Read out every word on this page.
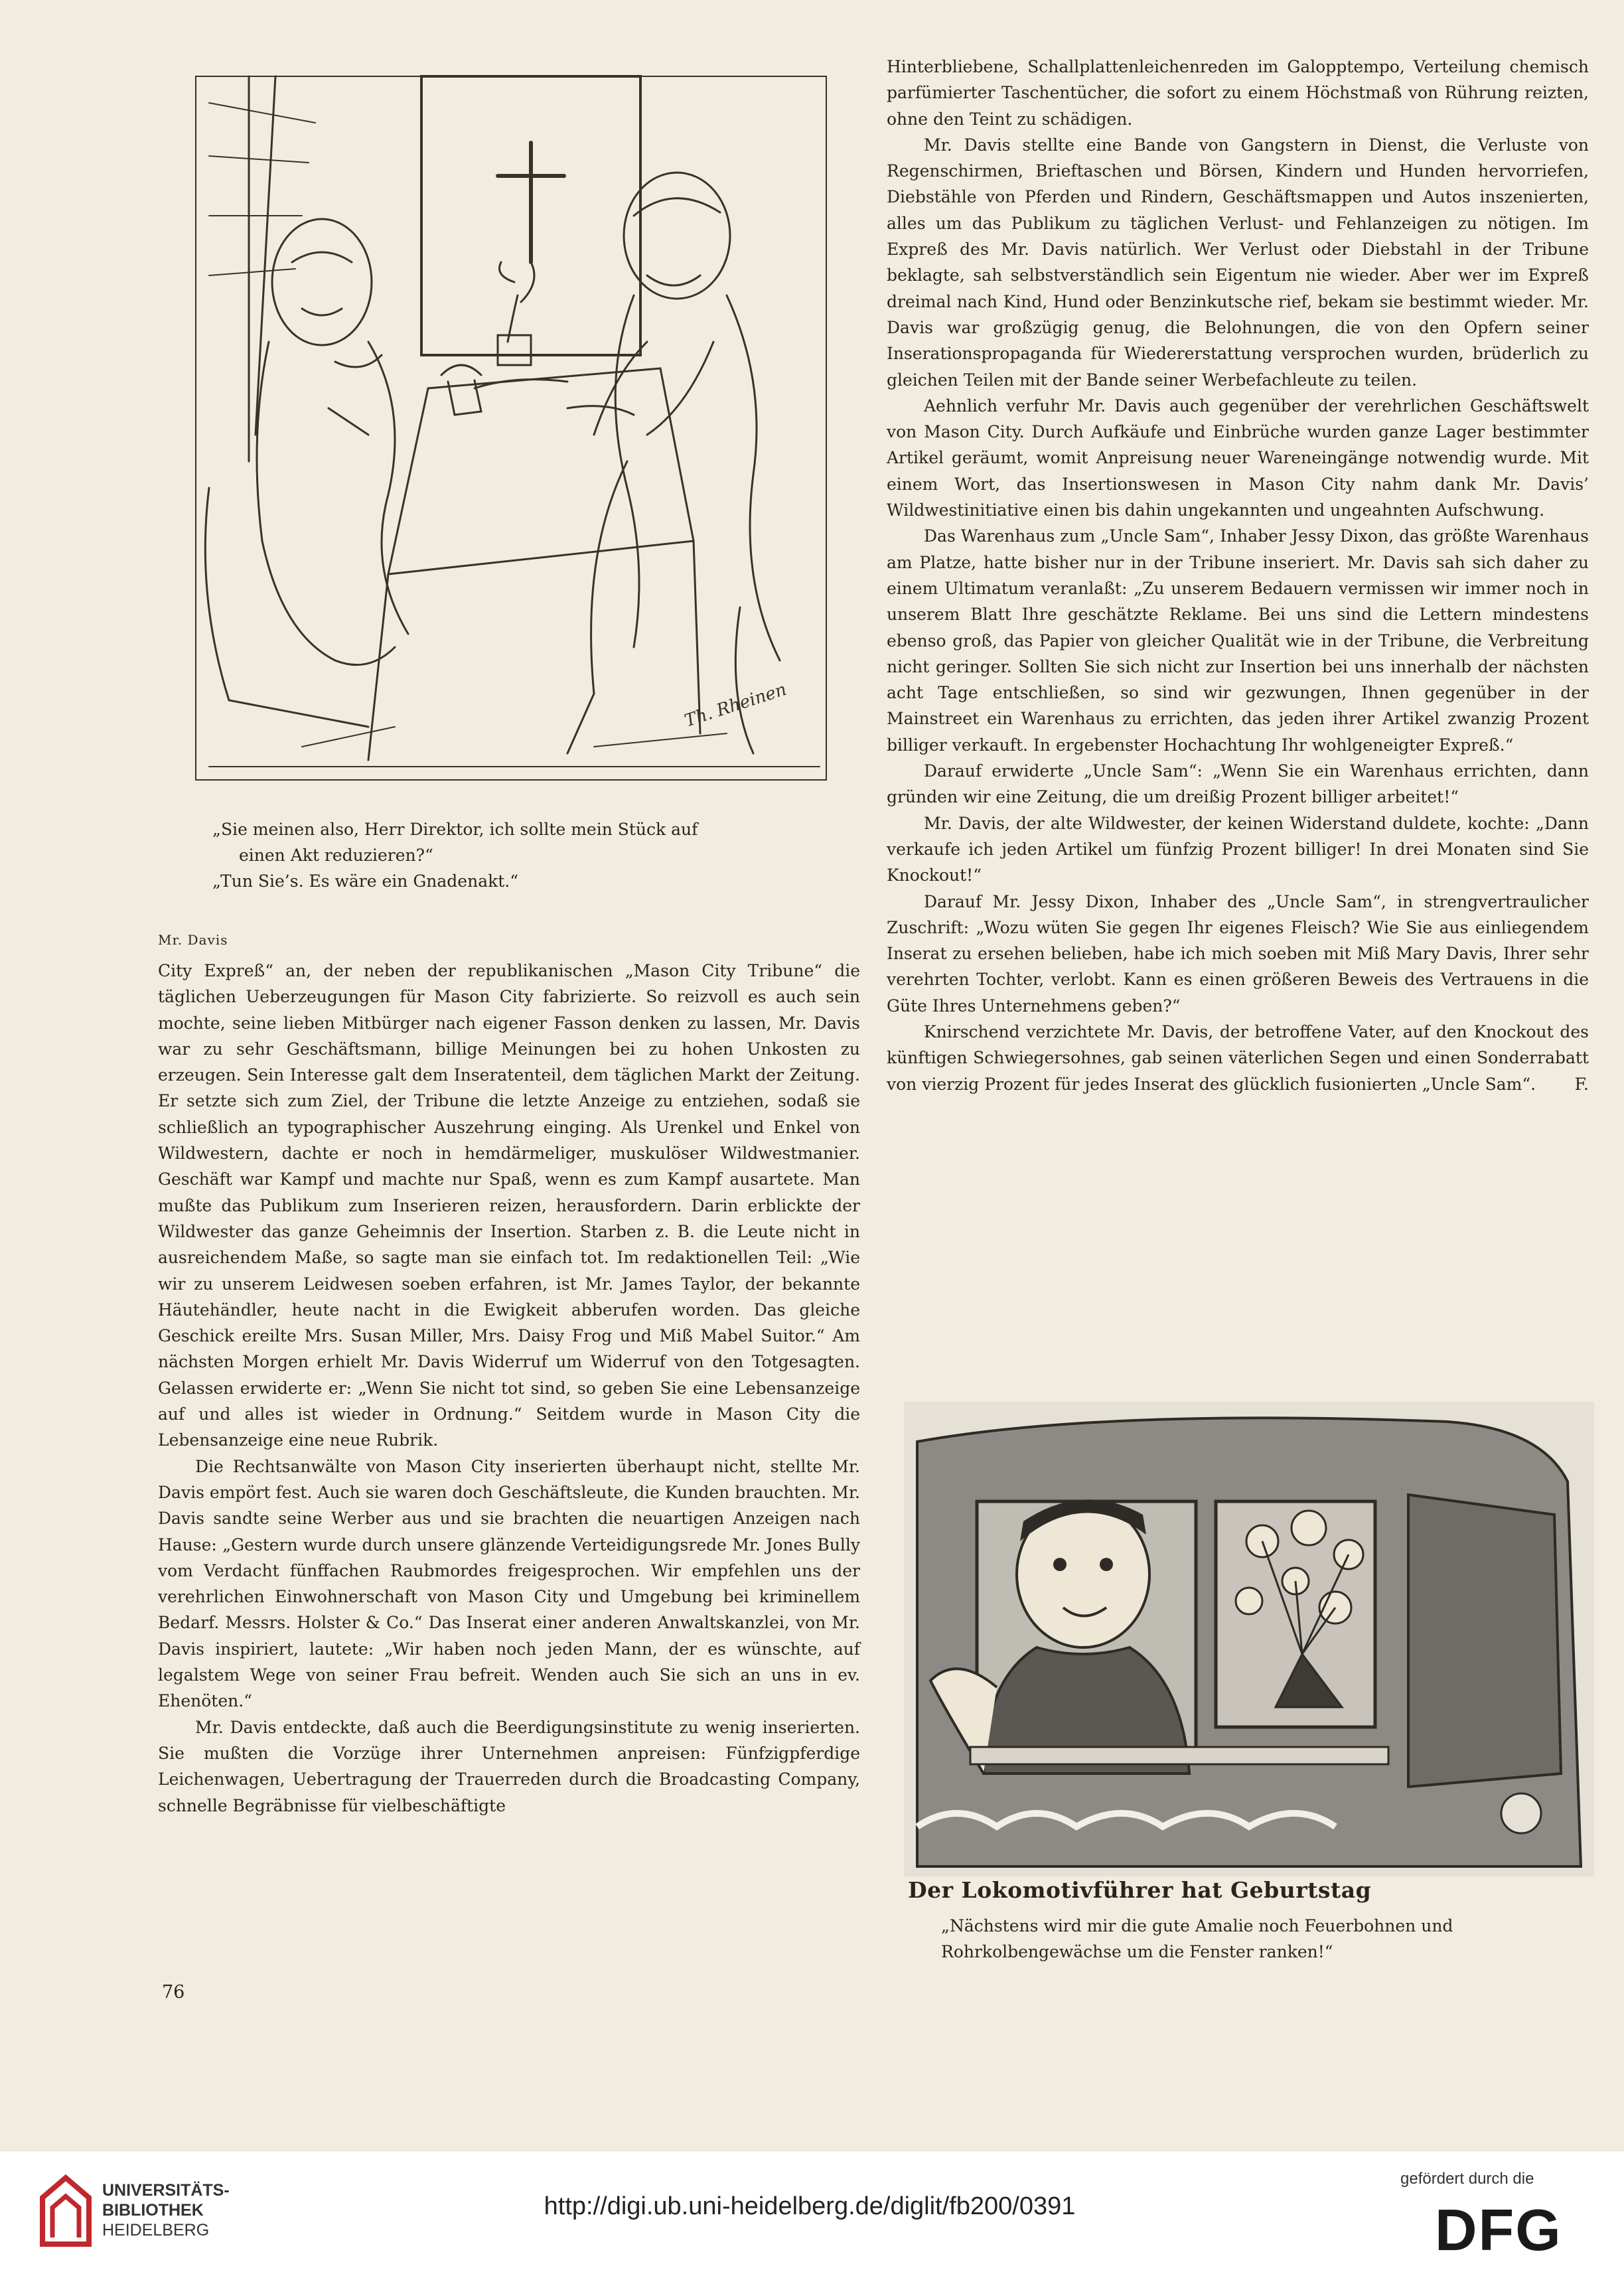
Th. Rheinen
„Sie meinen also, Herr Direktor, ich sollte mein Stück auf
einen Akt reduzieren?“
„Tun Sie’s. Es wäre ein Gnadenakt.“
Mr. Davis

City Expreß“ an, der neben der republikanischen „Mason City Tribune“ die täglichen Ueberzeugungen für Mason City fabrizierte. So reizvoll es auch sein mochte, seine lieben Mitbürger nach eigener Fasson denken zu lassen, Mr. Davis war zu sehr Geschäftsmann, billige Meinungen bei zu hohen Unkosten zu erzeugen. Sein Interesse galt dem Inseratenteil, dem täglichen Markt der Zeitung. Er setzte sich zum Ziel, der Tribune die letzte Anzeige zu entziehen, sodaß sie schließlich an typographischer Auszehrung einging. Als Urenkel und Enkel von Wildwestern, dachte er noch in hemdärmeliger, muskulöser Wildwestmanier. Geschäft war Kampf und machte nur Spaß, wenn es zum Kampf ausartete. Man mußte das Publikum zum Inserieren reizen, herausfordern. Darin erblickte der Wildwester das ganze Geheimnis der Insertion. Starben z. B. die Leute nicht in ausreichendem Maße, so sagte man sie einfach tot. Im redaktionellen Teil: „Wie wir zu unserem Leidwesen soeben erfahren, ist Mr. James Taylor, der bekannte Häutehändler, heute nacht in die Ewigkeit abberufen worden. Das gleiche Geschick ereilte Mrs. Susan Miller, Mrs. Daisy Frog und Miß Mabel Suitor.“ Am nächsten Morgen erhielt Mr. Davis Widerruf um Widerruf von den Totgesagten. Gelassen erwiderte er: „Wenn Sie nicht tot sind, so geben Sie eine Lebensanzeige auf und alles ist wieder in Ordnung.“ Seitdem wurde in Mason City die Lebensanzeige eine neue Rubrik.

Die Rechtsanwälte von Mason City inserierten überhaupt nicht, stellte Mr. Davis empört fest. Auch sie waren doch Geschäftsleute, die Kunden brauchten. Mr. Davis sandte seine Werber aus und sie brachten die neuartigen Anzeigen nach Hause: „Gestern wurde durch unsere glänzende Verteidigungsrede Mr. Jones Bully vom Verdacht fünffachen Raubmordes freigesprochen. Wir empfehlen uns der verehrlichen Einwohnerschaft von Mason City und Umgebung bei kriminellem Bedarf. Messrs. Holster & Co.“ Das Inserat einer anderen Anwaltskanzlei, von Mr. Davis inspiriert, lautete: „Wir haben noch jeden Mann, der es wünschte, auf legalstem Wege von seiner Frau befreit. Wenden auch Sie sich an uns in ev. Ehenöten.“

Mr. Davis entdeckte, daß auch die Beerdigungsinstitute zu wenig inserierten. Sie mußten die Vorzüge ihrer Unternehmen anpreisen: Fünfzigpferdige Leichenwagen, Uebertragung der Trauerreden durch die Broadcasting Company, schnelle Begräbnisse für vielbeschäftigte

Hinterbliebene, Schallplattenleichenreden im Galopptempo, Verteilung chemisch parfümierter Taschentücher, die sofort zu einem Höchstmaß von Rührung reizten, ohne den Teint zu schädigen.

Mr. Davis stellte eine Bande von Gangstern in Dienst, die Verluste von Regenschirmen, Brieftaschen und Börsen, Kindern und Hunden hervorriefen, Diebstähle von Pferden und Rindern, Geschäftsmappen und Autos inszenierten, alles um das Publikum zu täglichen Verlust- und Fehlanzeigen zu nötigen. Im Expreß des Mr. Davis natürlich. Wer Verlust oder Diebstahl in der Tribune beklagte, sah selbstverständlich sein Eigentum nie wieder. Aber wer im Expreß dreimal nach Kind, Hund oder Benzinkutsche rief, bekam sie bestimmt wieder. Mr. Davis war großzügig genug, die Belohnungen, die von den Opfern seiner Inserationspropaganda für Wiedererstattung versprochen wurden, brüderlich zu gleichen Teilen mit der Bande seiner Werbefachleute zu teilen.

Aehnlich verfuhr Mr. Davis auch gegenüber der verehrlichen Geschäftswelt von Mason City. Durch Aufkäufe und Einbrüche wurden ganze Lager bestimmter Artikel geräumt, womit Anpreisung neuer Wareneingänge notwendig wurde. Mit einem Wort, das Insertionswesen in Mason City nahm dank Mr. Davis’ Wildwestinitiative einen bis dahin ungekannten und ungeahnten Aufschwung.

Das Warenhaus zum „Uncle Sam“, Inhaber Jessy Dixon, das größte Warenhaus am Platze, hatte bisher nur in der Tribune inseriert. Mr. Davis sah sich daher zu einem Ultimatum veranlaßt: „Zu unserem Bedauern vermissen wir immer noch in unserem Blatt Ihre geschätzte Reklame. Bei uns sind die Lettern mindestens ebenso groß, das Papier von gleicher Qualität wie in der Tribune, die Verbreitung nicht geringer. Sollten Sie sich nicht zur Insertion bei uns innerhalb der nächsten acht Tage entschließen, so sind wir gezwungen, Ihnen gegenüber in der Mainstreet ein Warenhaus zu errichten, das jeden ihrer Artikel zwanzig Prozent billiger verkauft. In ergebenster Hochachtung Ihr wohlgeneigter Expreß.“

Darauf erwiderte „Uncle Sam“: „Wenn Sie ein Warenhaus errichten, dann gründen wir eine Zeitung, die um dreißig Prozent billiger arbeitet!“

Mr. Davis, der alte Wildwester, der keinen Widerstand duldete, kochte: „Dann verkaufe ich jeden Artikel um fünfzig Prozent billiger! In drei Monaten sind Sie Knockout!“

Darauf Mr. Jessy Dixon, Inhaber des „Uncle Sam“, in strengvertraulicher Zuschrift: „Wozu wüten Sie gegen Ihr eigenes Fleisch? Wie Sie aus einliegendem Inserat zu ersehen belieben, habe ich mich soeben mit Miß Mary Davis, Ihrer sehr verehrten Tochter, verlobt. Kann es einen größeren Beweis des Vertrauens in die Güte Ihres Unternehmens geben?“

Knirschend verzichtete Mr. Davis, der betroffene Vater, auf den Knockout des künftigen Schwiegersohnes, gab seinen väterlichen Segen und einen Sonderrabatt von vierzig Prozent für jedes Inserat des glücklich fusionierten „Uncle Sam“.	F.

Der Lokomotivführer hat Geburtstag
„Nächstens wird mir die gute Amalie noch Feuerbohnen und
Rohrkolbengewächse um die Fenster ranken!“
76
UNIVERSITÄTS-
BIBLIOTHEK
HEIDELBERG
http://digi.ub.uni-heidelberg.de/diglit/fb200/0391
gefördert durch die
DFG
